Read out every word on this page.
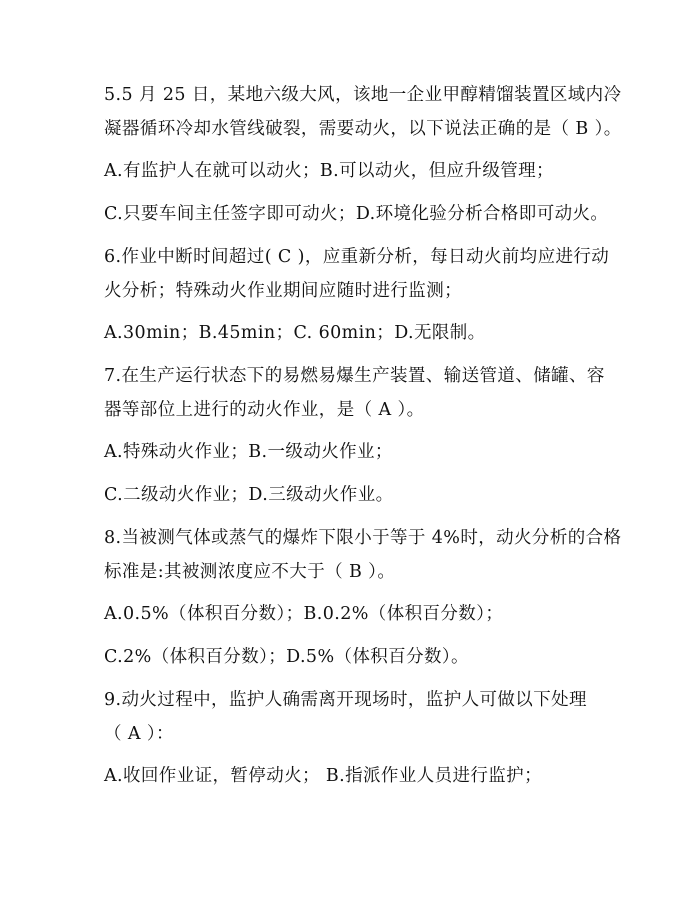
5.5 月 25 日，某地六级大风，该地一企业甲醇精馏装置区域内冷
凝器循环冷却水管线破裂，需要动火，以下说法正确的是（ B ）。
A.有监护人在就可以动火；B.可以动火，但应升级管理；
C.只要车间主任签字即可动火；D.环境化验分析合格即可动火。
6.作业中断时间超过( C )，应重新分析，每日动火前均应进行动
火分析；特殊动火作业期间应随时进行监测；
A.30min；B.45min；C. 60min；D.无限制。
7.在生产运行状态下的易燃易爆生产装置、输送管道、储罐、容
器等部位上进行的动火作业，是（ A ）。
A.特殊动火作业；B.一级动火作业；
C.二级动火作业；D.三级动火作业。
8.当被测气体或蒸气的爆炸下限小于等于 4%时，动火分析的合格
标准是:其被测浓度应不大于（ B ）。
A.0.5%（体积百分数）；B.0.2%（体积百分数）；
C.2%（体积百分数）；D.5%（体积百分数）。
9.动火过程中，监护人确需离开现场时，监护人可做以下处理
（ A ）：
A.收回作业证，暂停动火； B.指派作业人员进行监护；
